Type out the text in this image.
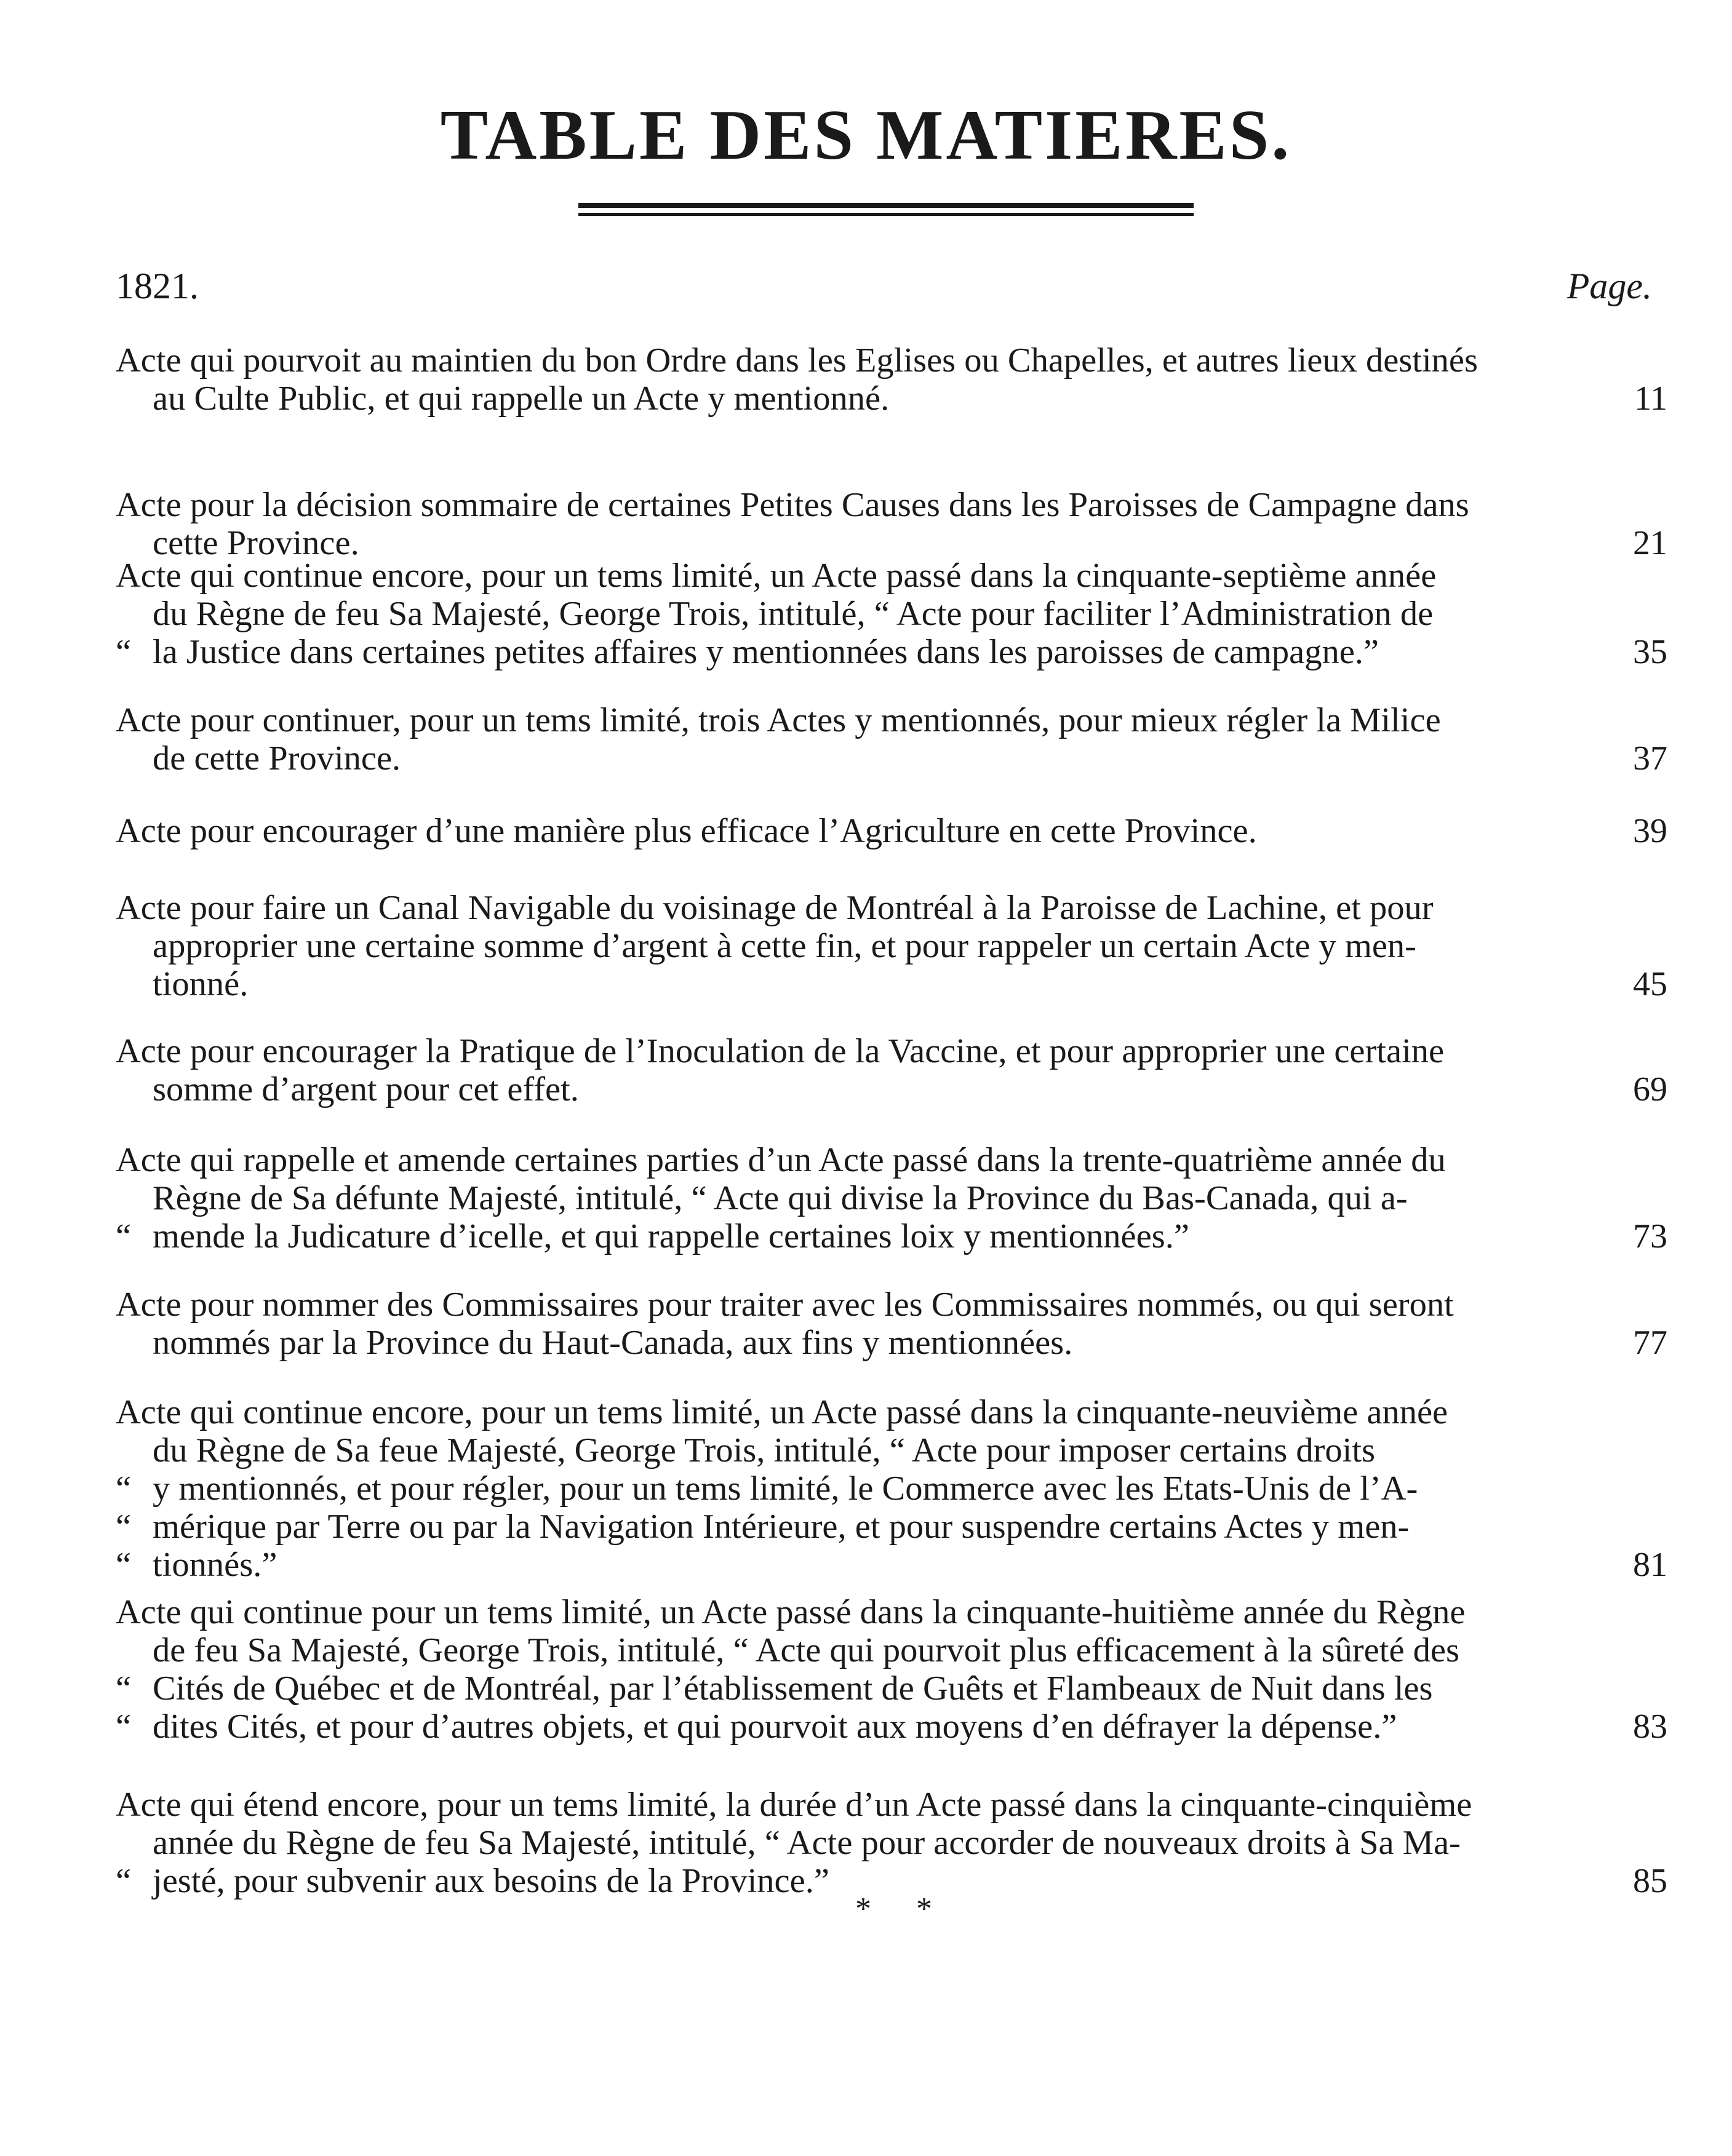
TABLE DES MATIERES.
1821.	Page.
Acte qui pourvoit au maintien du bon Ordre dans les Eglises ou Chapelles, et autres lieux destinés
au Culte Public, et qui rappelle un Acte y mentionné.	11
Acte pour la décision sommaire de certaines Petites Causes dans les Paroisses de Campagne dans
cette Province.	21
Acte qui continue encore, pour un tems limité, un Acte passé dans la cinquante-septième année
du Règne de feu Sa Majesté, George Trois, intitulé, “ Acte pour faciliter l’Administration de
“ la Justice dans certaines petites affaires y mentionnées dans les paroisses de campagne.”	35
Acte pour continuer, pour un tems limité, trois Actes y mentionnés, pour mieux régler la Milice
de cette Province.	37
Acte pour encourager d’une manière plus efficace l’Agriculture en cette Province.	39
Acte pour faire un Canal Navigable du voisinage de Montréal à la Paroisse de Lachine, et pour
approprier une certaine somme d’argent à cette fin, et pour rappeler un certain Acte y men-
tionné.	45
Acte pour encourager la Pratique de l’Inoculation de la Vaccine, et pour approprier une certaine
somme d’argent pour cet effet.	69
Acte qui rappelle et amende certaines parties d’un Acte passé dans la trente-quatrième année du
Règne de Sa défunte Majesté, intitulé, “ Acte qui divise la Province du Bas-Canada, qui a-
“ mende la Judicature d’icelle, et qui rappelle certaines loix y mentionnées.”	73
Acte pour nommer des Commissaires pour traiter avec les Commissaires nommés, ou qui seront
nommés par la Province du Haut-Canada, aux fins y mentionnées.	77
Acte qui continue encore, pour un tems limité, un Acte passé dans la cinquante-neuvième année
du Règne de Sa feue Majesté, George Trois, intitulé, “ Acte pour imposer certains droits
“ y mentionnés, et pour régler, pour un tems limité, le Commerce avec les Etats-Unis de l’A-
“ mérique par Terre ou par la Navigation Intérieure, et pour suspendre certains Actes y men-
“ tionnés.”	81
Acte qui continue pour un tems limité, un Acte passé dans la cinquante-huitième année du Règne
de feu Sa Majesté, George Trois, intitulé, “ Acte qui pourvoit plus efficacement à la sûreté des
“ Cités de Québec et de Montréal, par l’établissement de Guêts et Flambeaux de Nuit dans les
“ dites Cités, et pour d’autres objets, et qui pourvoit aux moyens d’en défrayer la dépense.”	83
Acte qui étend encore, pour un tems limité, la durée d’un Acte passé dans la cinquante-cinquième
année du Règne de feu Sa Majesté, intitulé, “ Acte pour accorder de nouveaux droits à Sa Ma-
“ jesté, pour subvenir aux besoins de la Province.”	85
* *
